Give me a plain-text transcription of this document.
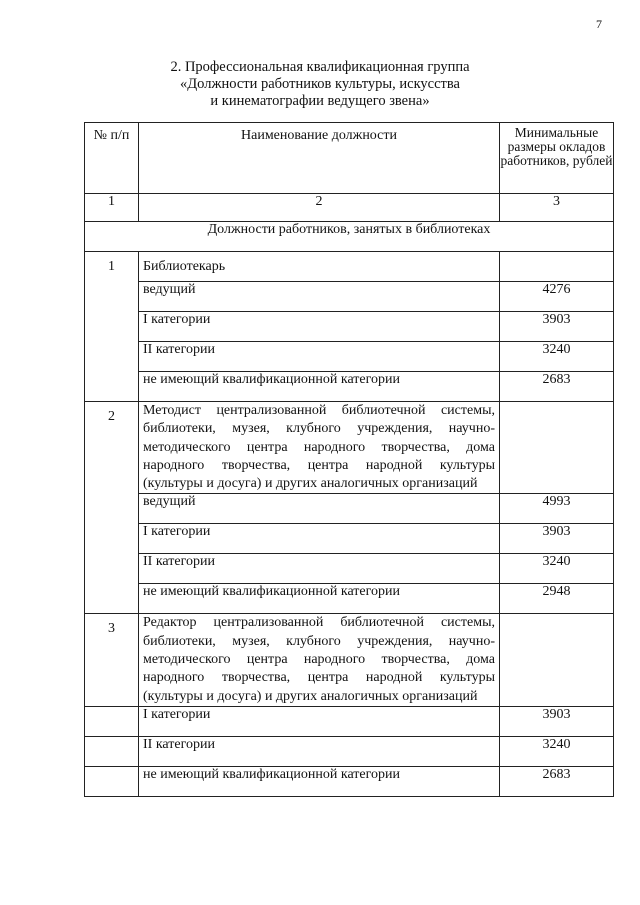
7
2. Профессиональная квалификационная группа
«Должности работников культуры, искусства
и кинематографии ведущего звена»
№ п/п	Наименование должности	Минимальные размеры окладов работников, рублей
1	2	3
Должности работников, занятых в библиотеках		
1	Библиотекарь	
	ведущий	4276
	I категории	3903
	II категории	3240
	не имеющий квалификационной категории	2683
2	Методист централизованной библиотечной системы, библиотеки, музея, клубного учреждения, научно-методического центра народного творчества, дома народного творчества, центра народной культуры (культуры и досуга) и других аналогичных организаций	
	ведущий	4993
	I категории	3903
	II категории	3240
	не имеющий квалификационной категории	2948
3	Редактор централизованной библиотечной системы, библиотеки, музея, клубного учреждения, научно-методического центра народного творчества, дома народного творчества, центра народной культуры (культуры и досуга) и других аналогичных организаций	
	I категории	3903
	II категории	3240
	не имеющий квалификационной категории	2683
